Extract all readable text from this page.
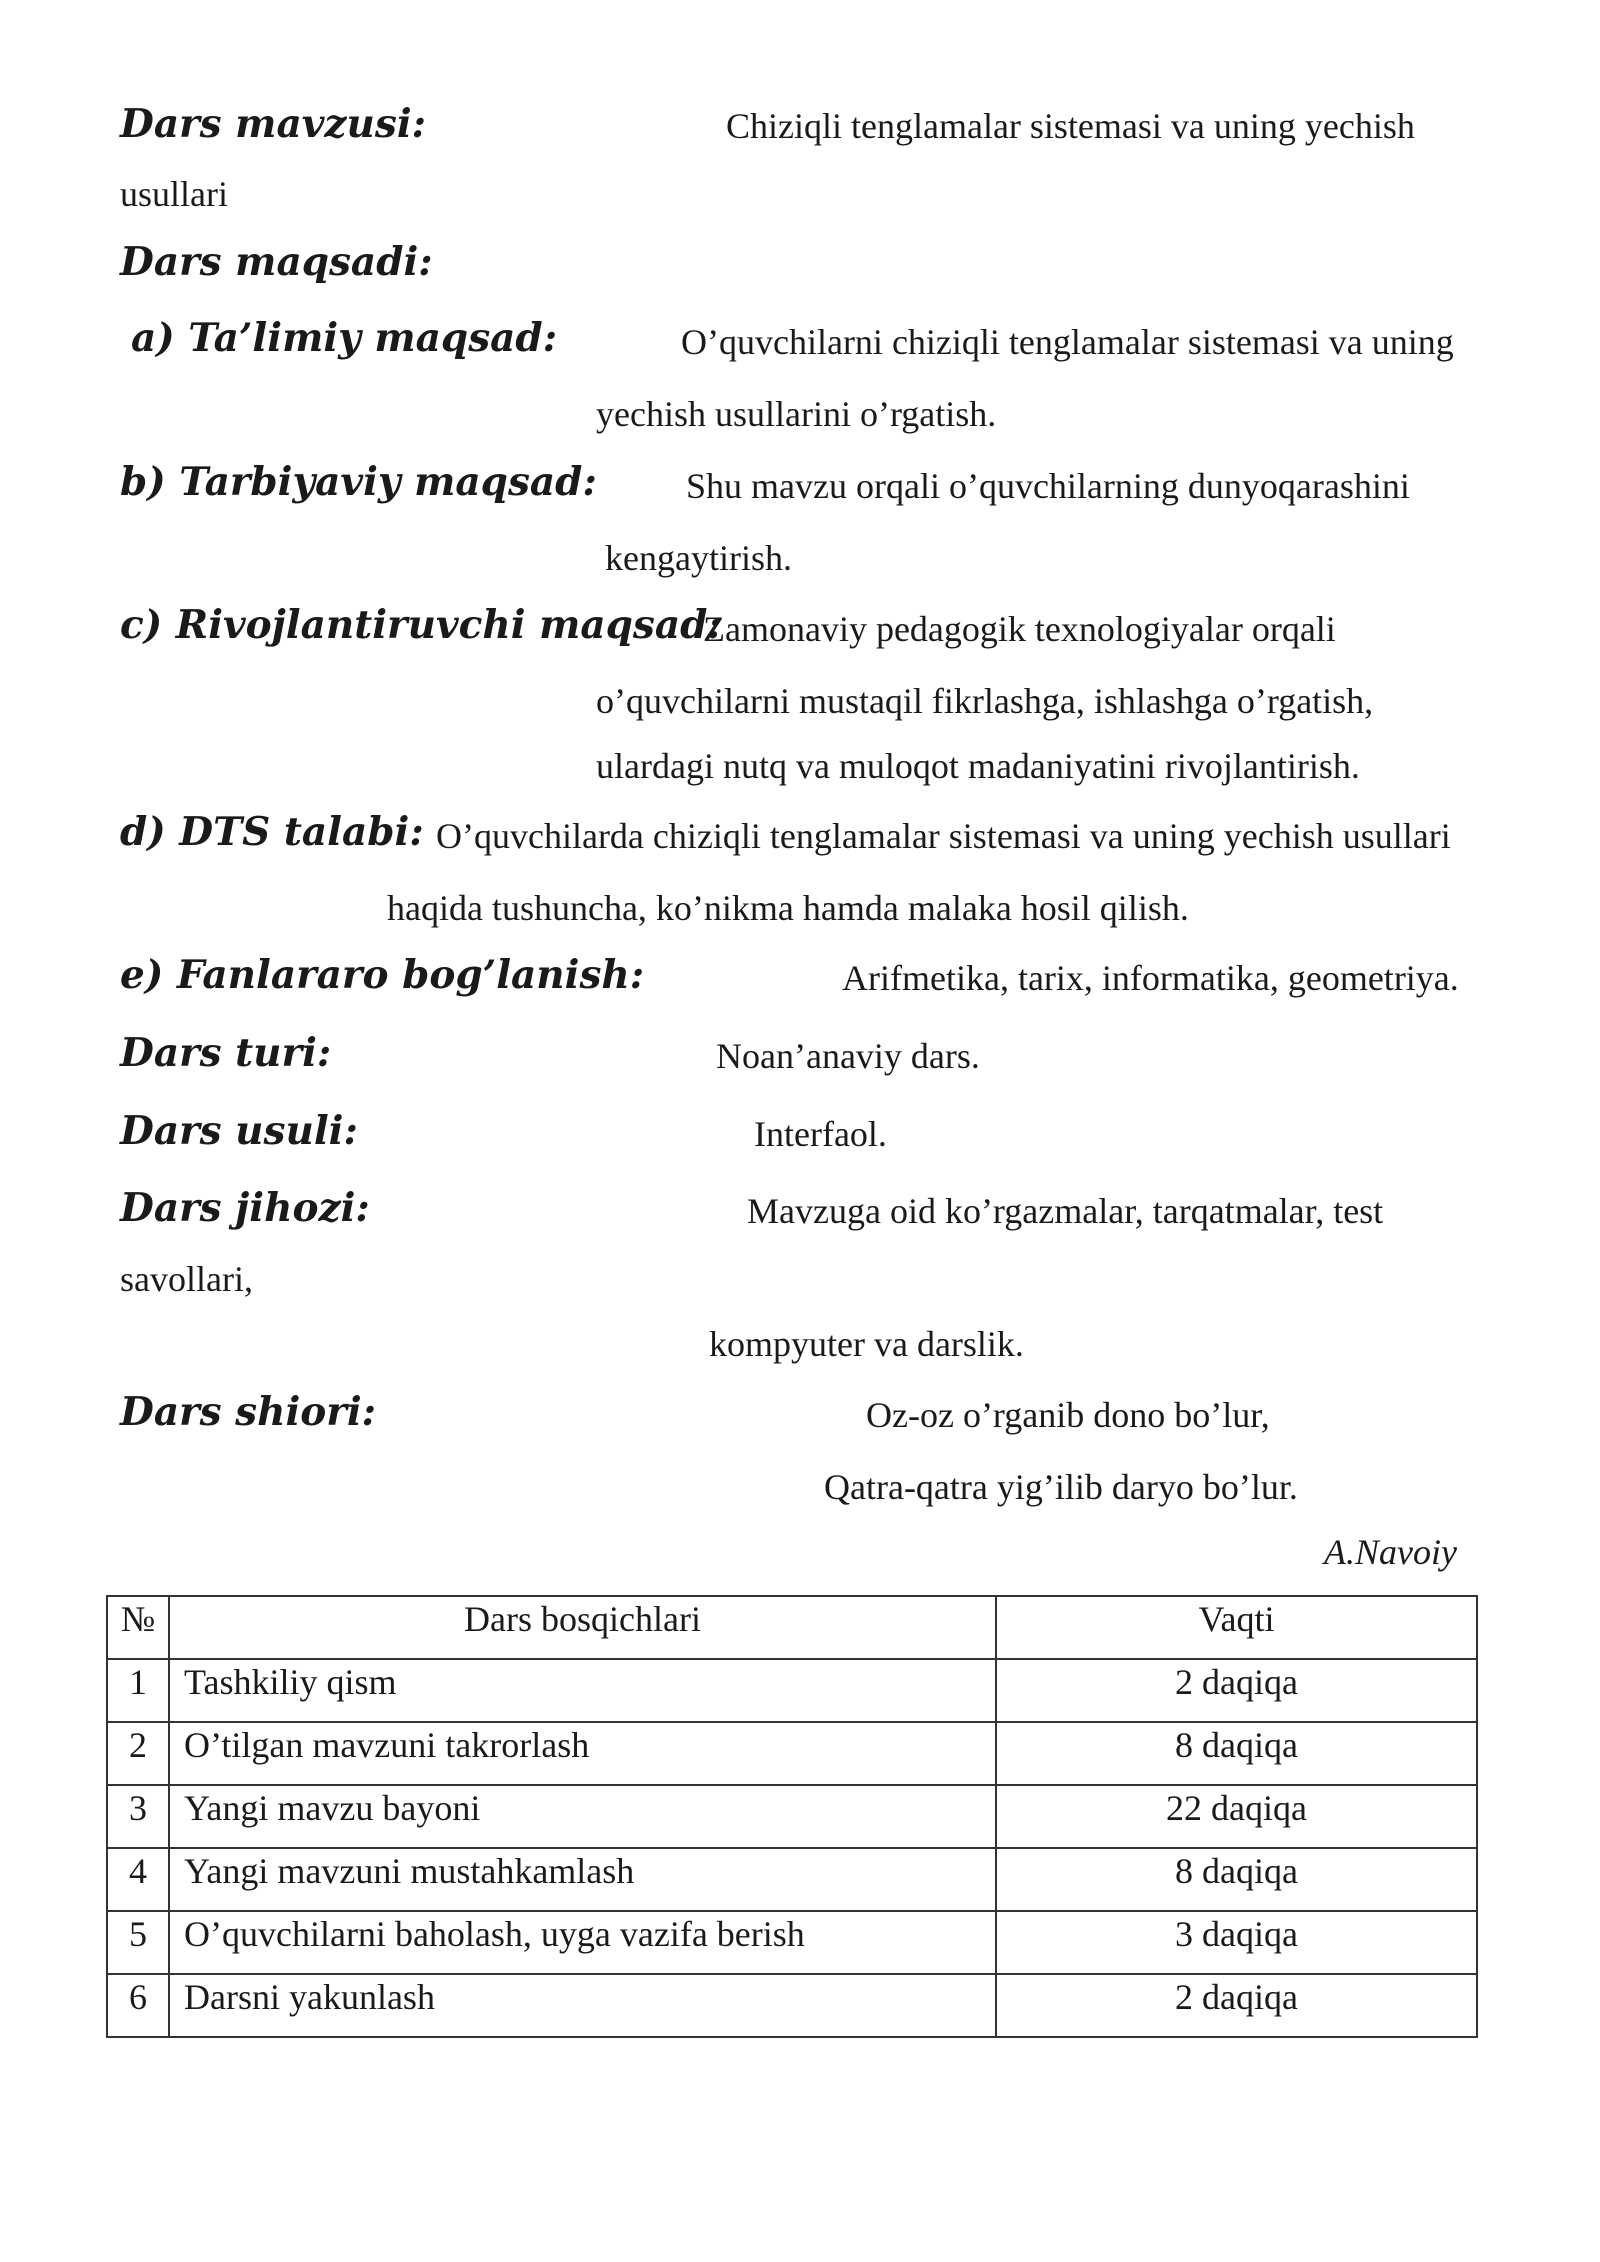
Dars mavzusi:	Chiziqli tenglamalar sistemasi va uning yechish
usullari
Dars maqsadi:
a) Ta’limiy maqsad:	O’quvchilarni chiziqli tenglamalar sistemasi va uning
yechish usullarini o’rgatish.
b) Tarbiyaviy maqsad: Shu mavzu orqali o’quvchilarning dunyoqarashini
kengaytirish.
c) Rivojlantiruvchi maqsad:
Zamonaviy pedagogik texnologiyalar orqali
o’quvchilarni mustaqil fikrlashga, ishlashga o’rgatish,
ulardagi nutq va muloqot madaniyatini rivojlantirish.
d) DTS talabi: O’quvchilarda chiziqli tenglamalar sistemasi va uning yechish usullari
haqida tushuncha, ko’nikma hamda malaka hosil qilish.
e) Fanlararo bog’lanish:	Arifmetika, tarix, informatika, geometriya.
Dars turi:	Noan’anaviy dars.
Dars usuli:	Interfaol.
Dars jihozi:	Mavzuga oid ko’rgazmalar, tarqatmalar, test
savollari,
kompyuter va darslik.
Dars shiori:	Oz-oz o’rganib dono bo’lur,
Qatra-qatra yig’ilib daryo bo’lur.
A.Navoiy
№	Dars bosqichlari	Vaqti
1	Tashkiliy qism	2 daqiqa
2	O’tilgan mavzuni takrorlash	8 daqiqa
3	Yangi mavzu bayoni	22 daqiqa
4	Yangi mavzuni mustahkamlash	8 daqiqa
5	O’quvchilarni baholash, uyga vazifa berish	3 daqiqa
6	Darsni yakunlash	2 daqiqa
